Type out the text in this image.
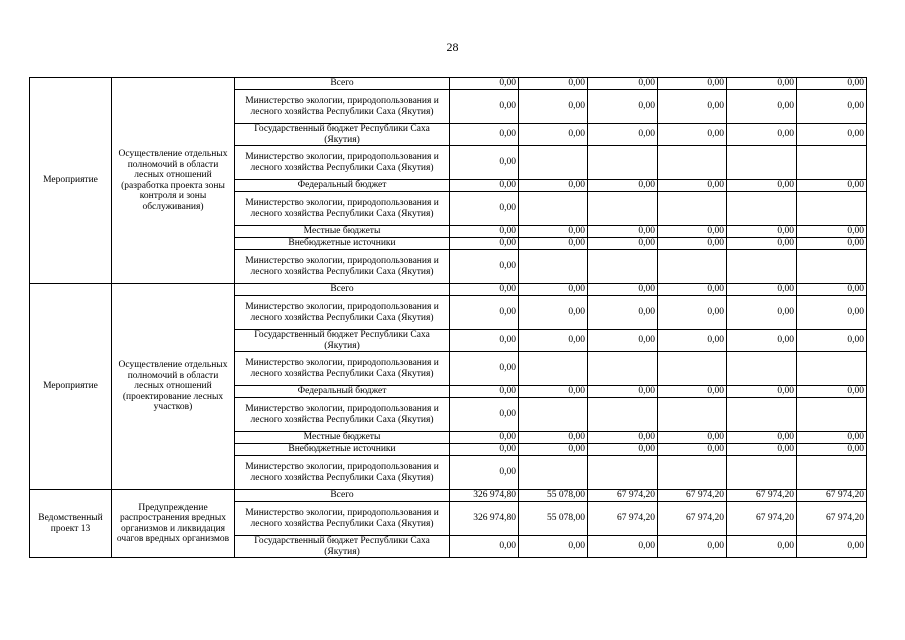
28
Мероприятие	Осуществление отдельных полномочий в области лесных отношений (разработка проекта зоны контроля и зоны обслуживания)	Всего	0,00	0,00	0,00	0,00	0,00	0,00
		Министерство экологии, природопользования и лесного хозяйства Республики Саха (Якутия)	0,00	0,00	0,00	0,00	0,00	0,00
		Государственный бюджет Республики Саха (Якутия)	0,00	0,00	0,00	0,00	0,00	0,00
		Министерство экологии, природопользования и лесного хозяйства Республики Саха (Якутия)	0,00					
		Федеральный бюджет	0,00	0,00	0,00	0,00	0,00	0,00
		Министерство экологии, природопользования и лесного хозяйства Республики Саха (Якутия)	0,00					
		Местные бюджеты	0,00	0,00	0,00	0,00	0,00	0,00
		Внебюджетные источники	0,00	0,00	0,00	0,00	0,00	0,00
		Министерство экологии, природопользования и лесного хозяйства Республики Саха (Якутия)	0,00					
Мероприятие	Осуществление отдельных полномочий в области лесных отношений (проектирование лесных участков)	Всего	0,00	0,00	0,00	0,00	0,00	0,00
		Министерство экологии, природопользования и лесного хозяйства Республики Саха (Якутия)	0,00	0,00	0,00	0,00	0,00	0,00
		Государственный бюджет Республики Саха (Якутия)	0,00	0,00	0,00	0,00	0,00	0,00
		Министерство экологии, природопользования и лесного хозяйства Республики Саха (Якутия)	0,00					
		Федеральный бюджет	0,00	0,00	0,00	0,00	0,00	0,00
		Министерство экологии, природопользования и лесного хозяйства Республики Саха (Якутия)	0,00					
		Местные бюджеты	0,00	0,00	0,00	0,00	0,00	0,00
		Внебюджетные источники	0,00	0,00	0,00	0,00	0,00	0,00
		Министерство экологии, природопользования и лесного хозяйства Республики Саха (Якутия)	0,00					
Ведомственный проект 13	Предупреждение распространения вредных организмов и ликвидация очагов вредных организмов	Всего	326 974,80	55 078,00	67 974,20	67 974,20	67 974,20	67 974,20
		Министерство экологии, природопользования и лесного хозяйства Республики Саха (Якутия)	326 974,80	55 078,00	67 974,20	67 974,20	67 974,20	67 974,20
		Государственный бюджет Республики Саха (Якутия)	0,00	0,00	0,00	0,00	0,00	0,00
